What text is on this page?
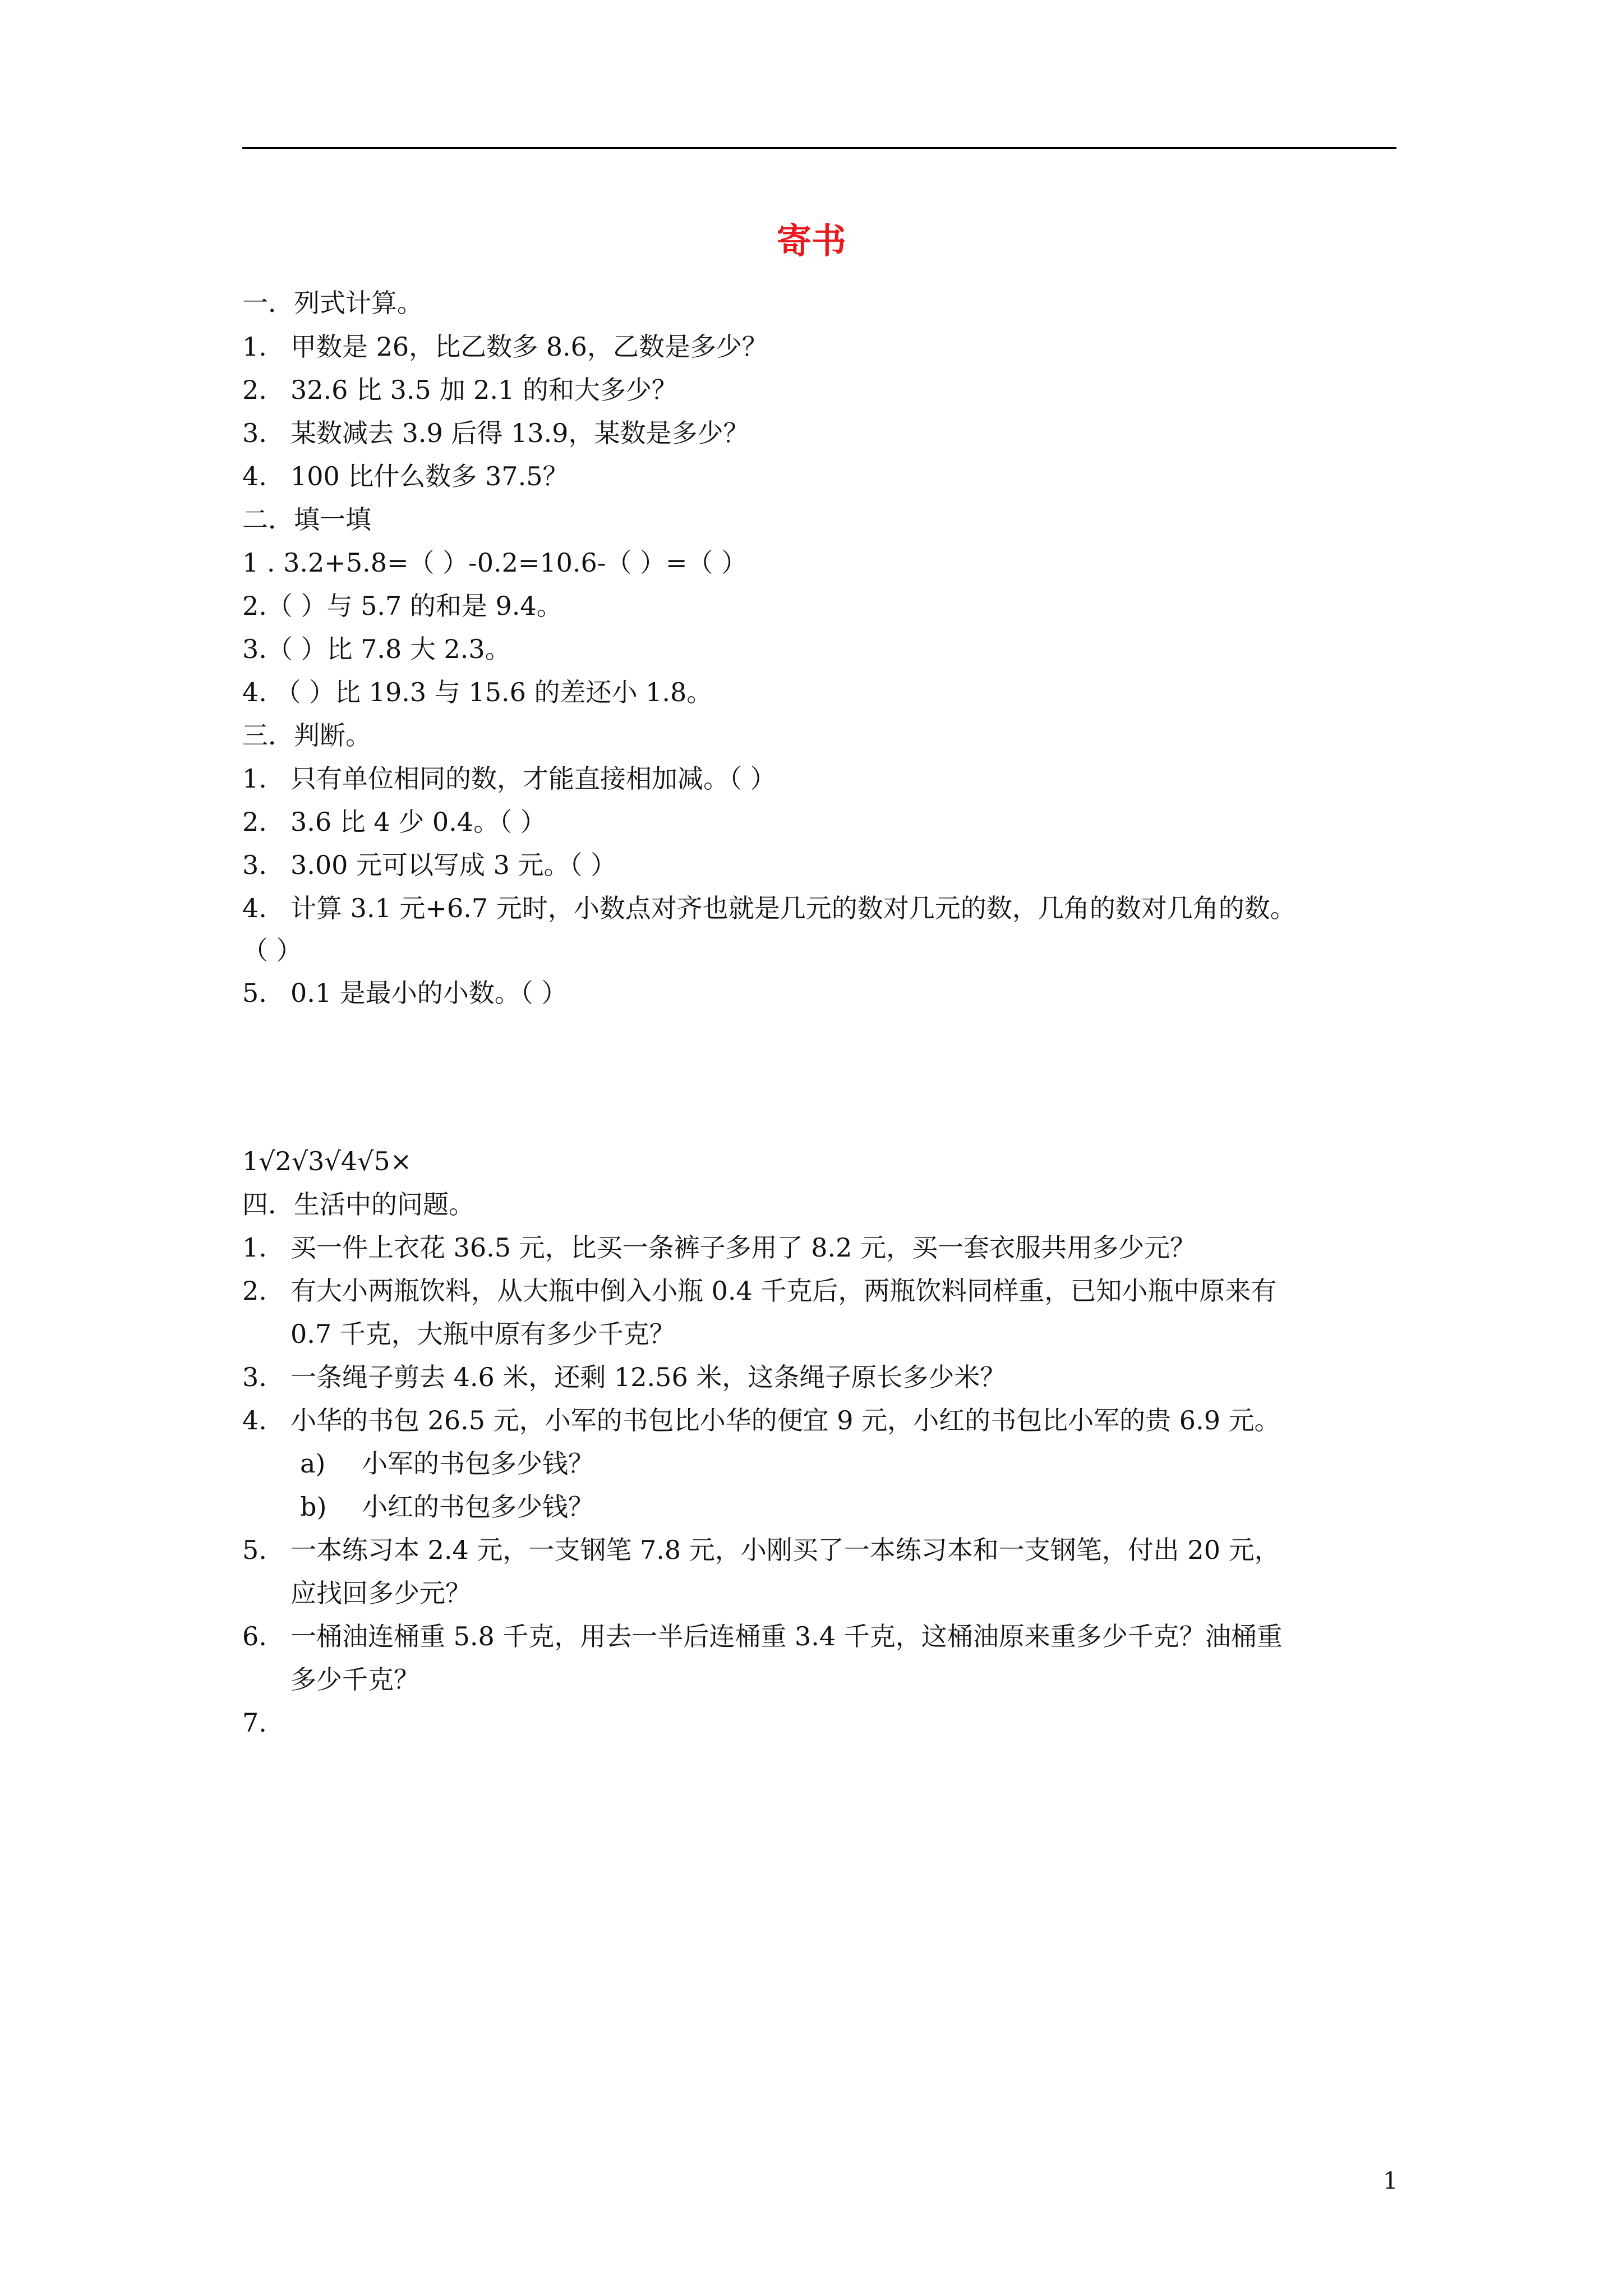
寄书
一．列式计算。
1. 甲数是 26，比乙数多 8.6，乙数是多少？
2. 32.6 比 3.5 加 2.1 的和大多少？
3. 某数减去 3.9 后得 13.9，某数是多少？
4. 100 比什么数多 37.5？
二．填一填
1 . 3.2+5.8=（ ）-0.2=10.6-（ ）=（ ）
2.（ ）与 5.7 的和是 9.4。
3.（ ）比 7.8 大 2.3。
4. （ ）比 19.3 与 15.6 的差还小 1.8。
三．判断。
1. 只有单位相同的数，才能直接相加减。（ ）
2. 3.6 比 4 少 0.4。（ ）
3. 3.00 元可以写成 3 元。（ ）
4. 计算 3.1 元+6.7 元时，小数点对齐也就是几元的数对几元的数，几角的数对几角的数。
（ ）
5. 0.1 是最小的小数。（ ）
1√2√3√4√5×
四．生活中的问题。
1. 买一件上衣花 36.5 元，比买一条裤子多用了 8.2 元，买一套衣服共用多少元？
2. 有大小两瓶饮料，从大瓶中倒入小瓶 0.4 千克后，两瓶饮料同样重，已知小瓶中原来有
0.7 千克，大瓶中原有多少千克？
3. 一条绳子剪去 4.6 米，还剩 12.56 米，这条绳子原长多少米？
4. 小华的书包 26.5 元，小军的书包比小华的便宜 9 元，小红的书包比小军的贵 6.9 元。
a) 小军的书包多少钱？
b) 小红的书包多少钱？
5. 一本练习本 2.4 元，一支钢笔 7.8 元，小刚买了一本练习本和一支钢笔，付出 20 元，
应找回多少元？
6. 一桶油连桶重 5.8 千克，用去一半后连桶重 3.4 千克，这桶油原来重多少千克？油桶重
多少千克？
7.
1
